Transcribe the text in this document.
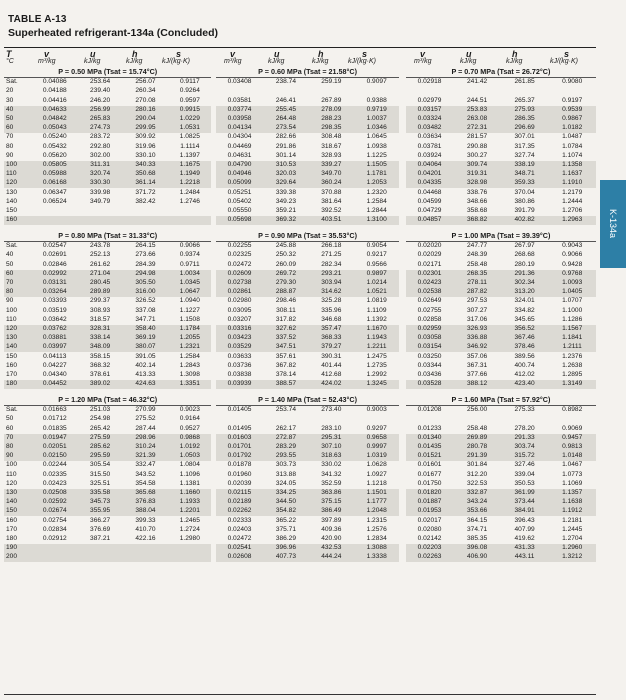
TABLE A-13
Superheated refrigerant-134a (Concluded)
K-134a
T
°C
v
m³/kg
u
kJ/kg
h
kJ/kg
s
kJ/(kg·K)
v
m³/kg
u
kJ/kg
h
kJ/kg
s
kJ/(kg·K)
v
m³/kg
u
kJ/kg
h
kJ/kg
s
kJ/(kg·K)
P = 0.50 MPa (Tsat = 15.74°C)						P = 0.60 MPa (Tsat = 21.58°C)					P = 0.70 MPa (Tsat = 26.72°C)			
Sat.	0.04086	253.64	256.07	0.9117		0.03408	238.74	259.19	0.9097		0.02918	241.42	261.85	0.9080
20	0.04188	239.40	260.34	0.9264										
30	0.04416	246.20	270.08	0.9597		0.03581	246.41	267.89	0.9388		0.02979	244.51	265.37	0.9197
40	0.04633	256.99	280.16	0.9915		0.03774	255.45	278.09	0.9719		0.03157	253.83	275.93	0.9539
50	0.04842	265.83	290.04	1.0229		0.03958	264.48	288.23	1.0037		0.03324	263.08	286.35	0.9867
60	0.05043	274.73	299.95	1.0531		0.04134	273.54	298.35	1.0346		0.03482	272.31	296.69	1.0182
70	0.05240	283.72	309.92	1.0825		0.04304	282.66	308.48	1.0645		0.03634	281.57	307.01	1.0487
80	0.05432	292.80	319.96	1.1114		0.04469	291.86	318.67	1.0938		0.03781	290.88	317.35	1.0784
90	0.05620	302.00	330.10	1.1397		0.04631	301.14	328.93	1.1225		0.03924	300.27	327.74	1.1074
100	0.05805	311.31	340.33	1.1675		0.04790	310.53	339.27	1.1505		0.04064	309.74	338.19	1.1358
110	0.05988	320.74	350.68	1.1949		0.04946	320.03	349.70	1.1781		0.04201	319.31	348.71	1.1637
120	0.06168	330.30	361.14	1.2218		0.05099	329.64	360.24	1.2053		0.04335	328.98	359.33	1.1910
130	0.06347	339.98	371.72	1.2484		0.05251	339.38	370.88	1.2320		0.04468	338.76	370.04	1.2179
140	0.06524	349.79	382.42	1.2746		0.05402	349.23	381.64	1.2584		0.04599	348.66	380.86	1.2444
150						0.05550	359.21	392.52	1.2844		0.04729	358.68	391.79	1.2706
160						0.05698	369.32	403.51	1.3100		0.04857	368.82	402.82	1.2963

P = 0.80 MPa (Tsat = 31.33°C)						P = 0.90 MPa (Tsat = 35.53°C)					P = 1.00 MPa (Tsat = 39.39°C)			
Sat.	0.02547	243.78	264.15	0.9066		0.02255	245.88	266.18	0.9054		0.02020	247.77	267.97	0.9043
40	0.02691	252.13	273.66	0.9374		0.02325	250.32	271.25	0.9217		0.02029	248.39	268.68	0.9066
50	0.02846	261.62	284.39	0.9711		0.02472	260.09	282.34	0.9566		0.02171	258.48	280.19	0.9428
60	0.02992	271.04	294.98	1.0034		0.02609	269.72	293.21	0.9897		0.02301	268.35	291.36	0.9768
70	0.03131	280.45	305.50	1.0345		0.02738	279.30	303.94	1.0214		0.02423	278.11	302.34	1.0093
80	0.03264	289.89	316.00	1.0647		0.02861	288.87	314.62	1.0521		0.02538	287.82	313.20	1.0405
90	0.03393	299.37	326.52	1.0940		0.02980	298.46	325.28	1.0819		0.02649	297.53	324.01	1.0707
100	0.03519	308.93	337.08	1.1227		0.03095	308.11	335.96	1.1109		0.02755	307.27	334.82	1.1000
110	0.03642	318.57	347.71	1.1508		0.03207	317.82	346.68	1.1392		0.02858	317.06	345.65	1.1286
120	0.03762	328.31	358.40	1.1784		0.03316	327.62	357.47	1.1670		0.02959	326.93	356.52	1.1567
130	0.03881	338.14	369.19	1.2055		0.03423	337.52	368.33	1.1943		0.03058	336.88	367.46	1.1841
140	0.03997	348.09	380.07	1.2321		0.03529	347.51	379.27	1.2211		0.03154	346.92	378.46	1.2111
150	0.04113	358.15	391.05	1.2584		0.03633	357.61	390.31	1.2475		0.03250	357.06	389.56	1.2376
160	0.04227	368.32	402.14	1.2843		0.03736	367.82	401.44	1.2735		0.03344	367.31	400.74	1.2638
170	0.04340	378.61	413.33	1.3098		0.03838	378.14	412.68	1.2992		0.03436	377.66	412.02	1.2895
180	0.04452	389.02	424.63	1.3351		0.03939	388.57	424.02	1.3245		0.03528	388.12	423.40	1.3149

P = 1.20 MPa (Tsat = 46.32°C)						P = 1.40 MPa (Tsat = 52.43°C)					P = 1.60 MPa (Tsat = 57.92°C)			
Sat.	0.01663	251.03	270.99	0.9023		0.01405	253.74	273.40	0.9003		0.01208	256.00	275.33	0.8982
50	0.01712	254.98	275.52	0.9164										
60	0.01835	265.42	287.44	0.9527		0.01495	262.17	283.10	0.9297		0.01233	258.48	278.20	0.9069
70	0.01947	275.59	298.96	0.9868		0.01603	272.87	295.31	0.9658		0.01340	269.89	291.33	0.9457
80	0.02051	285.62	310.24	1.0192		0.01701	283.29	307.10	0.9997		0.01435	280.78	303.74	0.9813
90	0.02150	295.59	321.39	1.0503		0.01792	293.55	318.63	1.0319		0.01521	291.39	315.72	1.0148
100	0.02244	305.54	332.47	1.0804		0.01878	303.73	330.02	1.0628		0.01601	301.84	327.46	1.0467
110	0.02335	315.50	343.52	1.1096		0.01960	313.88	341.32	1.0927		0.01677	312.20	339.04	1.0773
120	0.02423	325.51	354.58	1.1381		0.02039	324.05	352.59	1.1218		0.01750	322.53	350.53	1.1069
130	0.02508	335.58	365.68	1.1660		0.02115	334.25	363.86	1.1501		0.01820	332.87	361.99	1.1357
140	0.02592	345.73	376.83	1.1933		0.02189	344.50	375.15	1.1777		0.01887	343.24	373.44	1.1638
150	0.02674	355.95	388.04	1.2201		0.02262	354.82	386.49	1.2048		0.01953	353.66	384.91	1.1912
160	0.02754	366.27	399.33	1.2465		0.02333	365.22	397.89	1.2315		0.02017	364.15	396.43	1.2181
170	0.02834	376.69	410.70	1.2724		0.02403	375.71	409.36	1.2576		0.02080	374.71	407.99	1.2445
180	0.02912	387.21	422.16	1.2980		0.02472	386.29	420.90	1.2834		0.02142	385.35	419.62	1.2704
190						0.02541	396.96	432.53	1.3088		0.02203	396.08	431.33	1.2960
200						0.02608	407.73	444.24	1.3338		0.02263	406.90	443.11	1.3212
